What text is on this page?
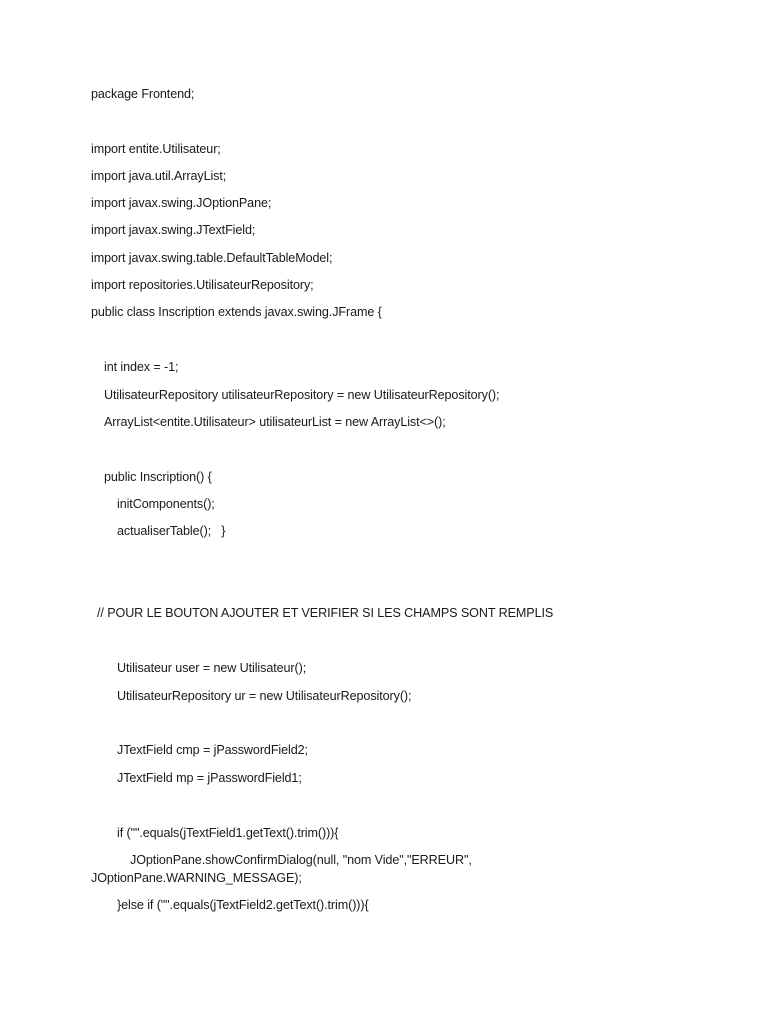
package Frontend;
import entite.Utilisateur;
import java.util.ArrayList;
import javax.swing.JOptionPane;
import javax.swing.JTextField;
import javax.swing.table.DefaultTableModel;
import repositories.UtilisateurRepository;
public class Inscription extends javax.swing.JFrame {
int index = -1;
UtilisateurRepository utilisateurRepository = new UtilisateurRepository();
ArrayList<entite.Utilisateur> utilisateurList = new ArrayList<>();
public Inscription() {
initComponents();
actualiserTable();   }
// POUR LE BOUTON AJOUTER ET VERIFIER SI LES CHAMPS SONT REMPLIS
Utilisateur user = new Utilisateur();
UtilisateurRepository ur = new UtilisateurRepository();
JTextField cmp = jPasswordField2;
JTextField mp = jPasswordField1;
if ("".equals(jTextField1.getText().trim())){
JOptionPane.showConfirmDialog(null, "nom Vide","ERREUR",
JOptionPane.WARNING_MESSAGE);
}else if ("".equals(jTextField2.getText().trim())){
